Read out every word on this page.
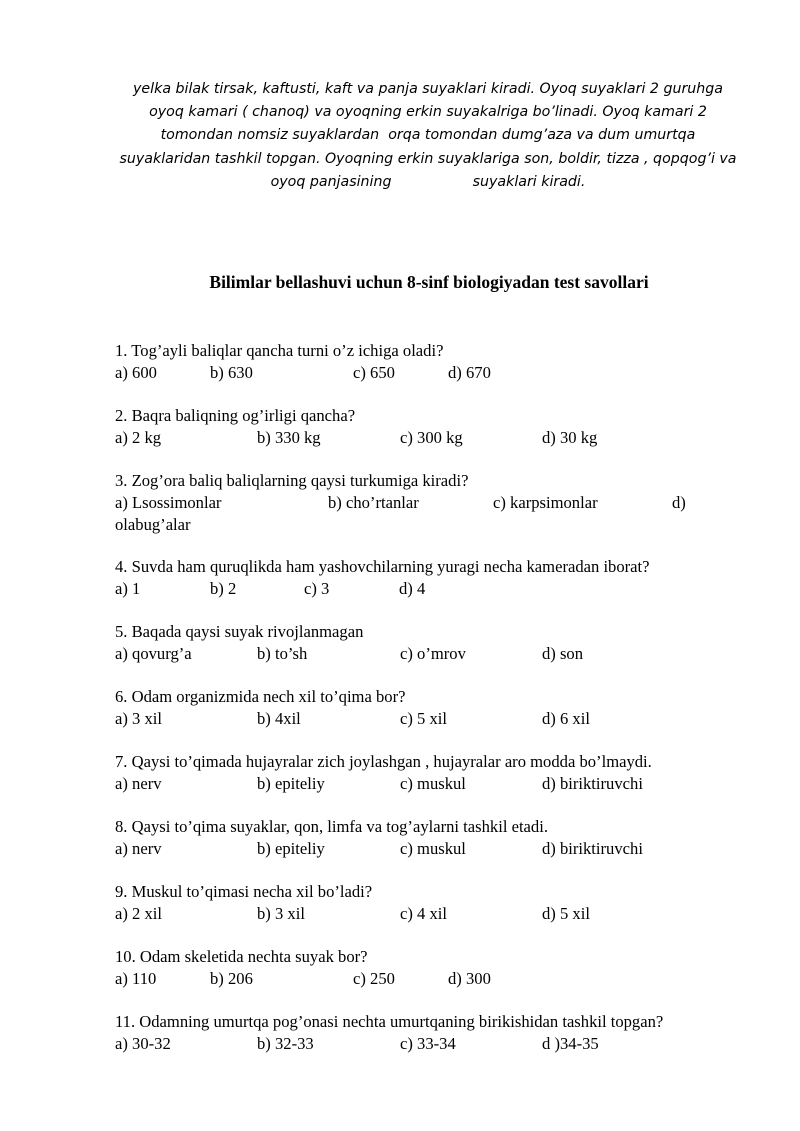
yelka bilak tirsak, kaftusti, kaft va panja suyaklari kiradi. Oyoq suyaklari 2 guruhga
oyoq kamari ( chanoq) va oyoqning erkin suyakalriga bo’linadi. Oyoq kamari 2
tomondan nomsiz suyaklardan  orqa tomondan dumg’aza va dum umurtqa
suyaklaridan tashkil topgan. Oyoqning erkin suyaklariga son, boldir, tizza , qopqog’i va
oyoq panjasining                  suyaklari kiradi.
Bilimlar bellashuvi uchun 8-sinf biologiyadan test savollari
1. Tog’ayli baliqlar qancha turni o’z ichiga oladi?
a) 600	b) 630	c) 650	d) 670
2. Baqra baliqning og’irligi qancha?
a) 2 kg	b) 330 kg	c) 300 kg	d) 30 kg
3. Zog’ora baliq baliqlarning qaysi turkumiga kiradi?
a) Lsossimonlar	b) cho’rtanlar	c) karpsimonlar	d)
olabug’alar
4. Suvda ham quruqlikda ham yashovchilarning yuragi necha kameradan iborat?
a) 1	b) 2	c) 3	d) 4
5. Baqada qaysi suyak rivojlanmagan
a) qovurg’a	b) to’sh	c) o’mrov	d) son
6. Odam organizmida nech xil to’qima bor?
a) 3 xil	b) 4xil	c) 5 xil	d) 6 xil
7. Qaysi to’qimada hujayralar zich joylashgan , hujayralar aro modda bo’lmaydi.
a) nerv	b) epiteliy	c) muskul	d) biriktiruvchi
8. Qaysi to’qima suyaklar, qon, limfa va tog’aylarni tashkil etadi.
a) nerv	b) epiteliy	c) muskul	d) biriktiruvchi
9. Muskul to’qimasi necha xil bo’ladi?
a) 2 xil	b) 3 xil	c) 4 xil	d) 5 xil
10. Odam skeletida nechta suyak bor?
a) 110	b) 206	c) 250	d) 300
11. Odamning umurtqa pog’onasi nechta umurtqaning birikishidan tashkil topgan?
a) 30-32	b) 32-33	c) 33-34	d )34-35
